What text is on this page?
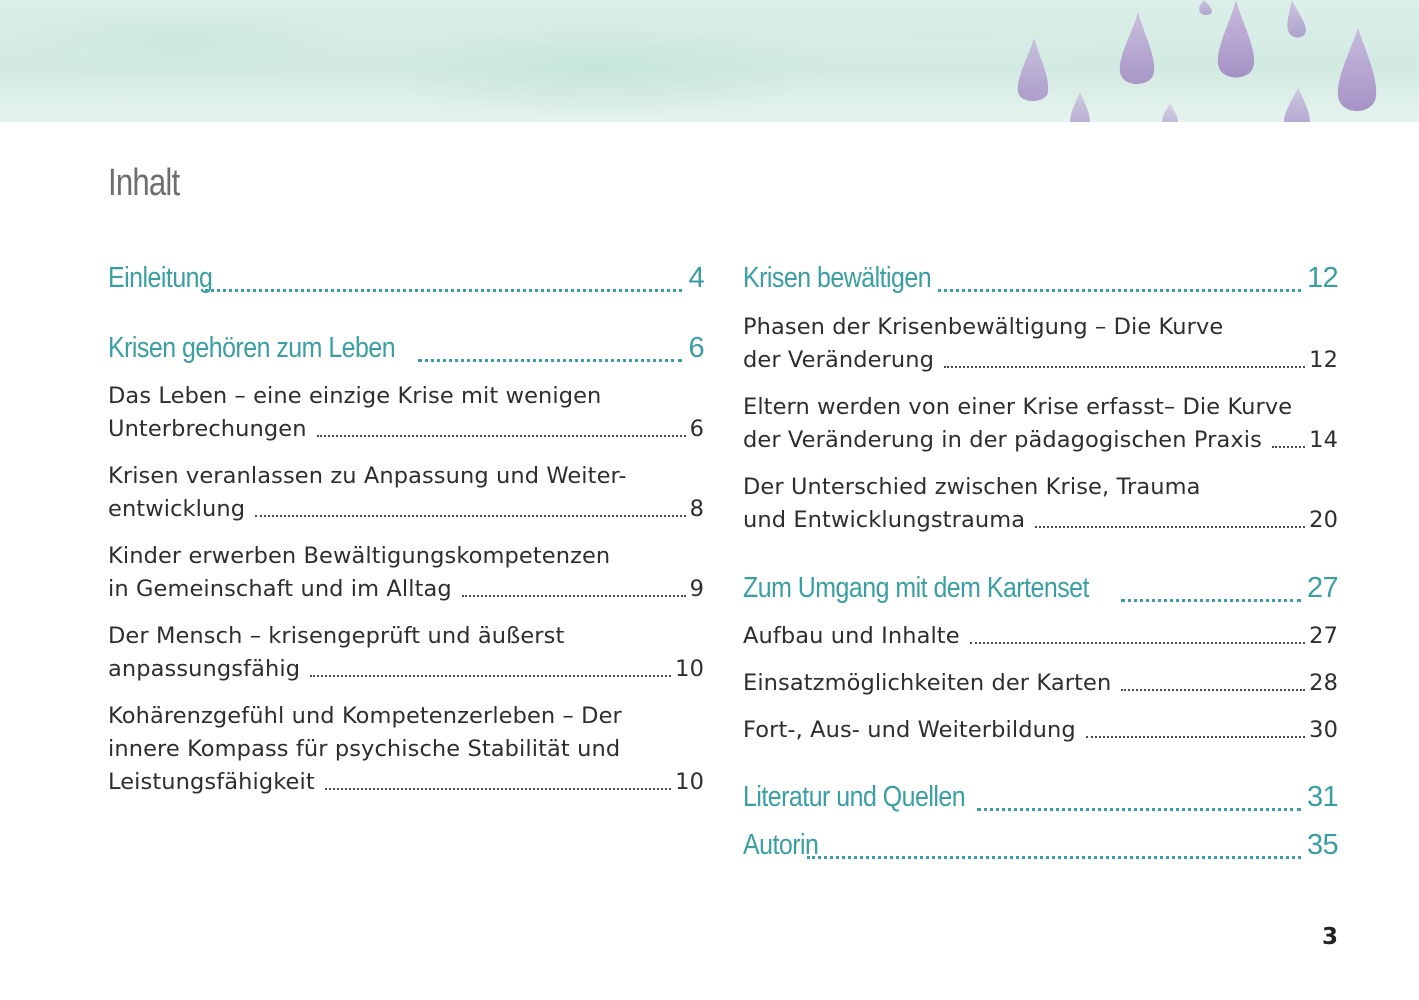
Inhalt
Einleitung	4
Krisen gehören zum Leben	6
Das Leben – eine einzige Krise mit wenigen
Unterbrechungen	6
Krisen veranlassen zu Anpassung und Weiter-
entwicklung	8
Kinder erwerben Bewältigungskompetenzen
in Gemeinschaft und im Alltag	9
Der Mensch – krisengeprüft und äußerst
anpassungsfähig	10
Kohärenzgefühl und Kompetenzerleben – Der
innere Kompass für psychische Stabilität und
Leistungsfähigkeit	10
Krisen bewältigen	12
Phasen der Krisenbewältigung – Die Kurve
der Veränderung	12
Eltern werden von einer Krise erfasst– Die Kurve
der Veränderung in der pädagogischen Praxis 14
Der Unterschied zwischen Krise, Trauma
und Entwicklungstrauma	20
Zum Umgang mit dem Kartenset	27
Aufbau und Inhalte	27
Einsatzmöglichkeiten der Karten	28
Fort-, Aus- und Weiterbildung	30
Literatur und Quellen	31
Autorin	35
3
